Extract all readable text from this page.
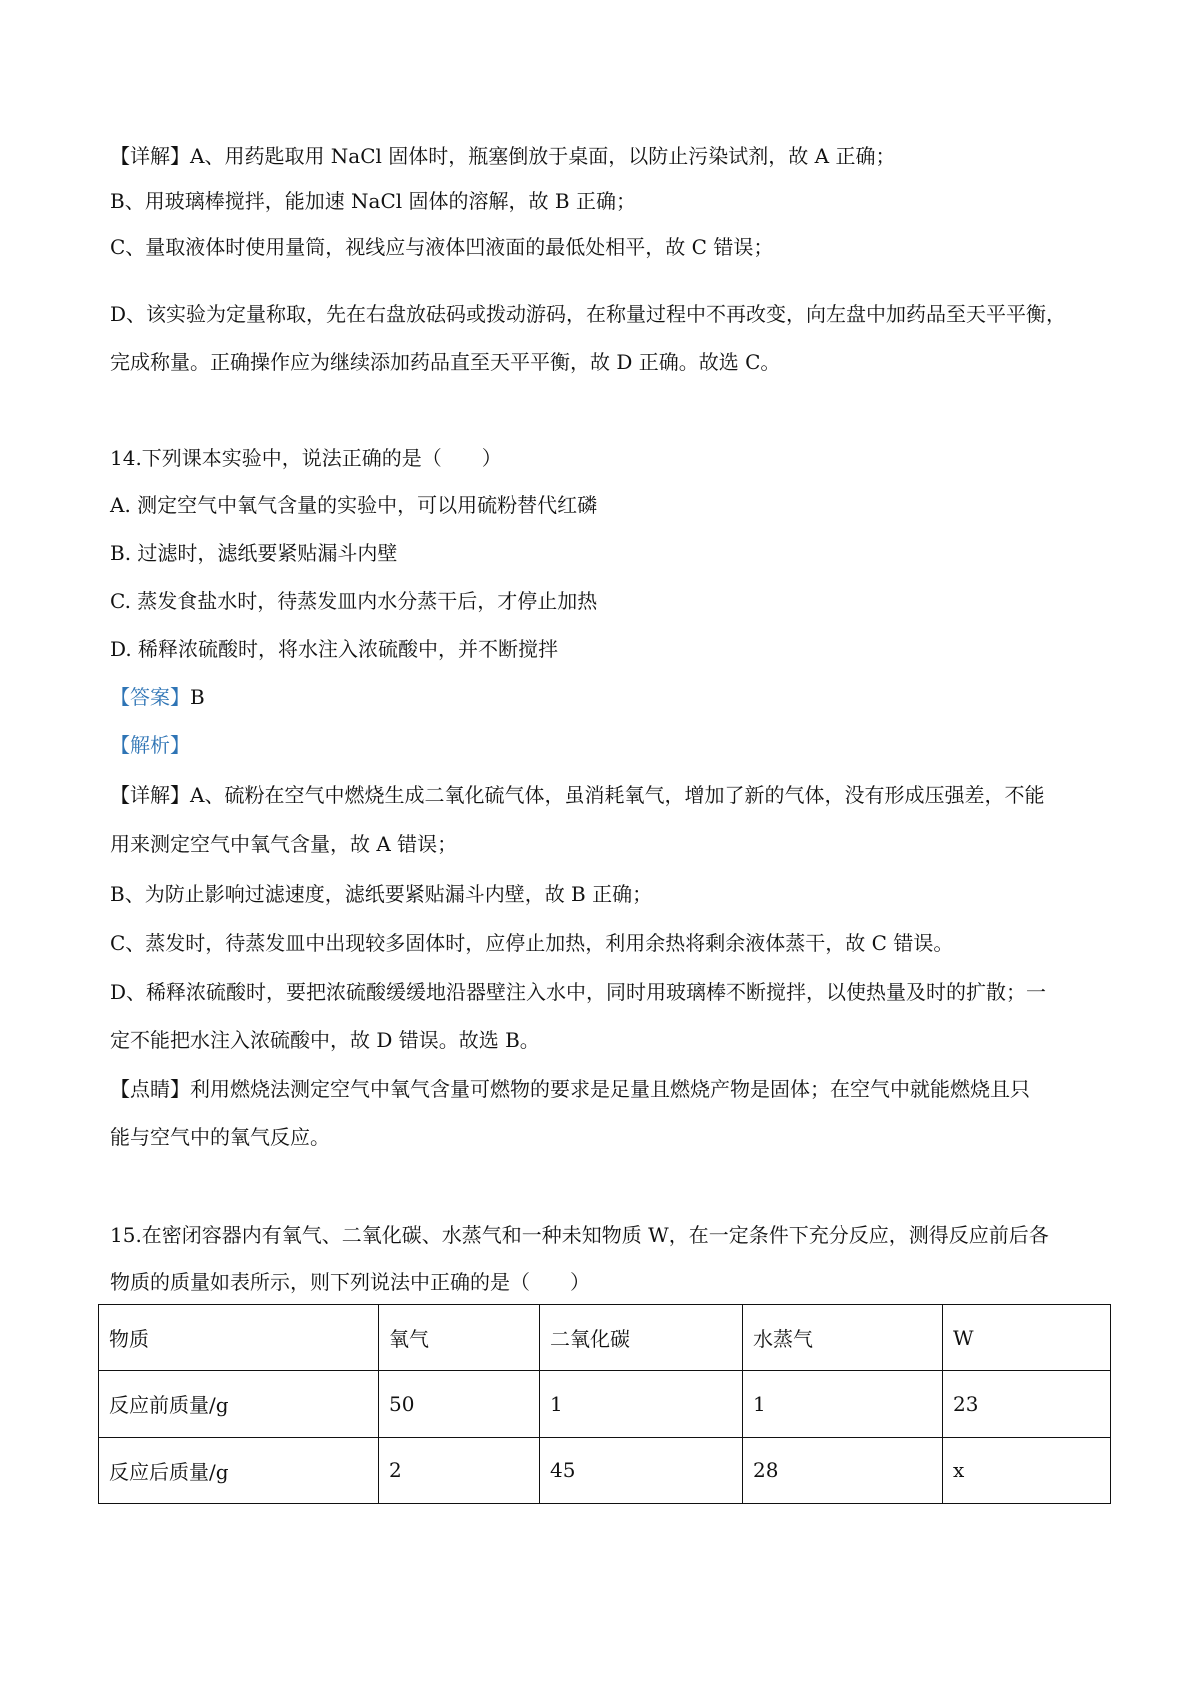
【详解】A、用药匙取用 NaCl 固体时，瓶塞倒放于桌面，以防止污染试剂，故 A 正确；
B、用玻璃棒搅拌，能加速 NaCl 固体的溶解，故 B 正确；
C、量取液体时使用量筒，视线应与液体凹液面的最低处相平，故 C 错误；
D、该实验为定量称取，先在右盘放砝码或拨动游码，在称量过程中不再改变，向左盘中加药品至天平平衡，
完成称量。正确操作应为继续添加药品直至天平平衡，故 D 正确。故选 C。
14.下列课本实验中，说法正确的是（　　）
A. 测定空气中氧气含量的实验中，可以用硫粉替代红磷
B. 过滤时，滤纸要紧贴漏斗内壁
C. 蒸发食盐水时，待蒸发皿内水分蒸干后，才停止加热
D. 稀释浓硫酸时，将水注入浓硫酸中，并不断搅拌
【答案】B
【解析】
【详解】A、硫粉在空气中燃烧生成二氧化硫气体，虽消耗氧气，增加了新的气体，没有形成压强差，不能
用来测定空气中氧气含量，故 A 错误；
B、为防止影响过滤速度，滤纸要紧贴漏斗内壁，故 B 正确；
C、蒸发时，待蒸发皿中出现较多固体时，应停止加热，利用余热将剩余液体蒸干，故 C 错误。
D、稀释浓硫酸时，要把浓硫酸缓缓地沿器壁注入水中，同时用玻璃棒不断搅拌，以使热量及时的扩散；一
定不能把水注入浓硫酸中，故 D 错误。故选 B。
【点睛】利用燃烧法测定空气中氧气含量可燃物的要求是足量且燃烧产物是固体；在空气中就能燃烧且只
能与空气中的氧气反应。
15.在密闭容器内有氧气、二氧化碳、水蒸气和一种未知物质 W，在一定条件下充分反应，测得反应前后各
物质的质量如表所示，则下列说法中正确的是（　　）
物质	氧气	二氧化碳	水蒸气	W
反应前质量/g	50	1	1	23
反应后质量/g	2	45	28	x
